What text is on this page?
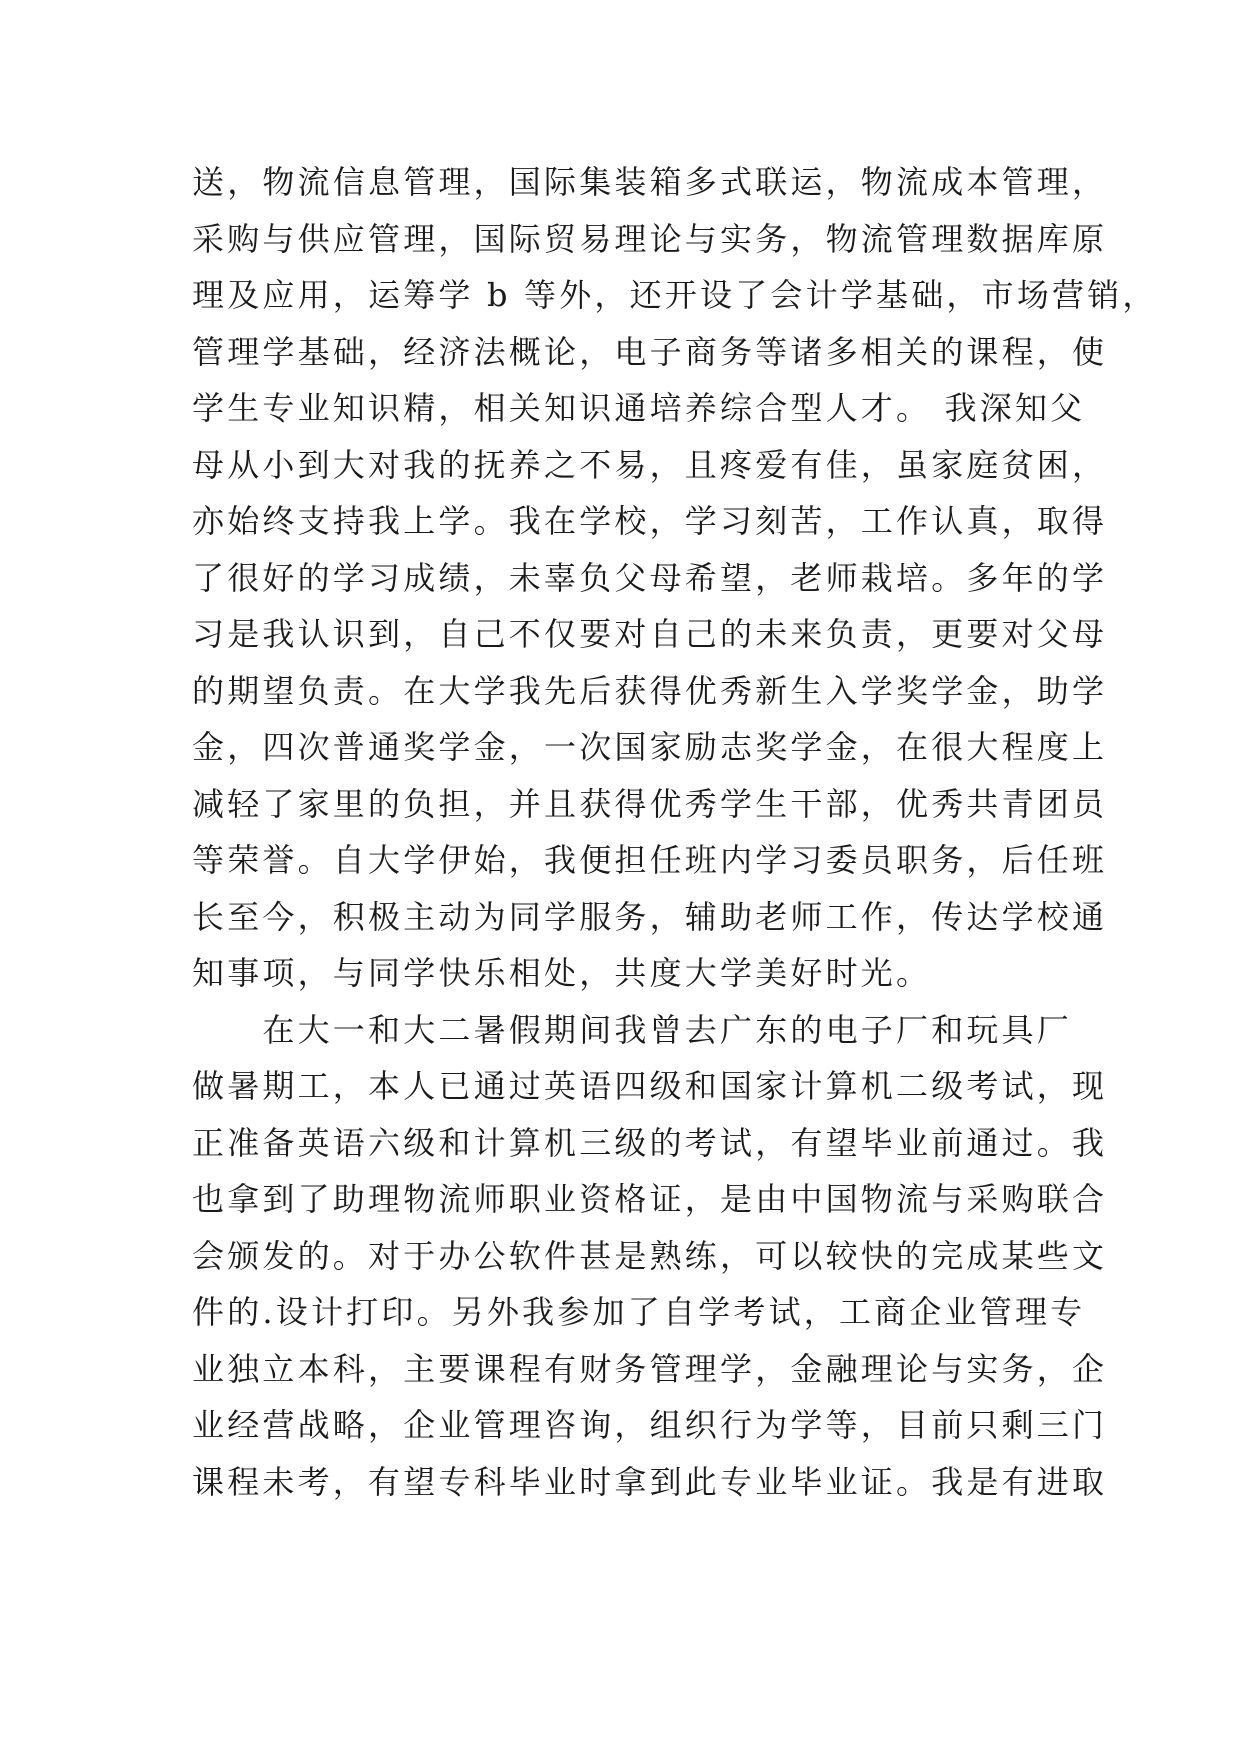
送，物流信息管理，国际集装箱多式联运，物流成本管理，
采购与供应管理，国际贸易理论与实务，物流管理数据库原
理及应用，运筹学 b 等外，还开设了会计学基础，市场营销，
管理学基础，经济法概论，电子商务等诸多相关的课程，使
学生专业知识精，相关知识通培养综合型人才。 我深知父
母从小到大对我的抚养之不易，且疼爱有佳，虽家庭贫困，
亦始终支持我上学。我在学校，学习刻苦，工作认真，取得
了很好的学习成绩，未辜负父母希望，老师栽培。多年的学
习是我认识到，自己不仅要对自己的未来负责，更要对父母
的期望负责。在大学我先后获得优秀新生入学奖学金，助学
金，四次普通奖学金，一次国家励志奖学金，在很大程度上
减轻了家里的负担，并且获得优秀学生干部，优秀共青团员
等荣誉。自大学伊始，我便担任班内学习委员职务，后任班
长至今，积极主动为同学服务，辅助老师工作，传达学校通
知事项，与同学快乐相处，共度大学美好时光。
　　在大一和大二暑假期间我曾去广东的电子厂和玩具厂
做暑期工，本人已通过英语四级和国家计算机二级考试，现
正准备英语六级和计算机三级的考试，有望毕业前通过。我
也拿到了助理物流师职业资格证，是由中国物流与采购联合
会颁发的。对于办公软件甚是熟练，可以较快的完成某些文
件的.设计打印。另外我参加了自学考试，工商企业管理专
业独立本科，主要课程有财务管理学，金融理论与实务，企
业经营战略，企业管理咨询，组织行为学等，目前只剩三门
课程未考，有望专科毕业时拿到此专业毕业证。我是有进取
